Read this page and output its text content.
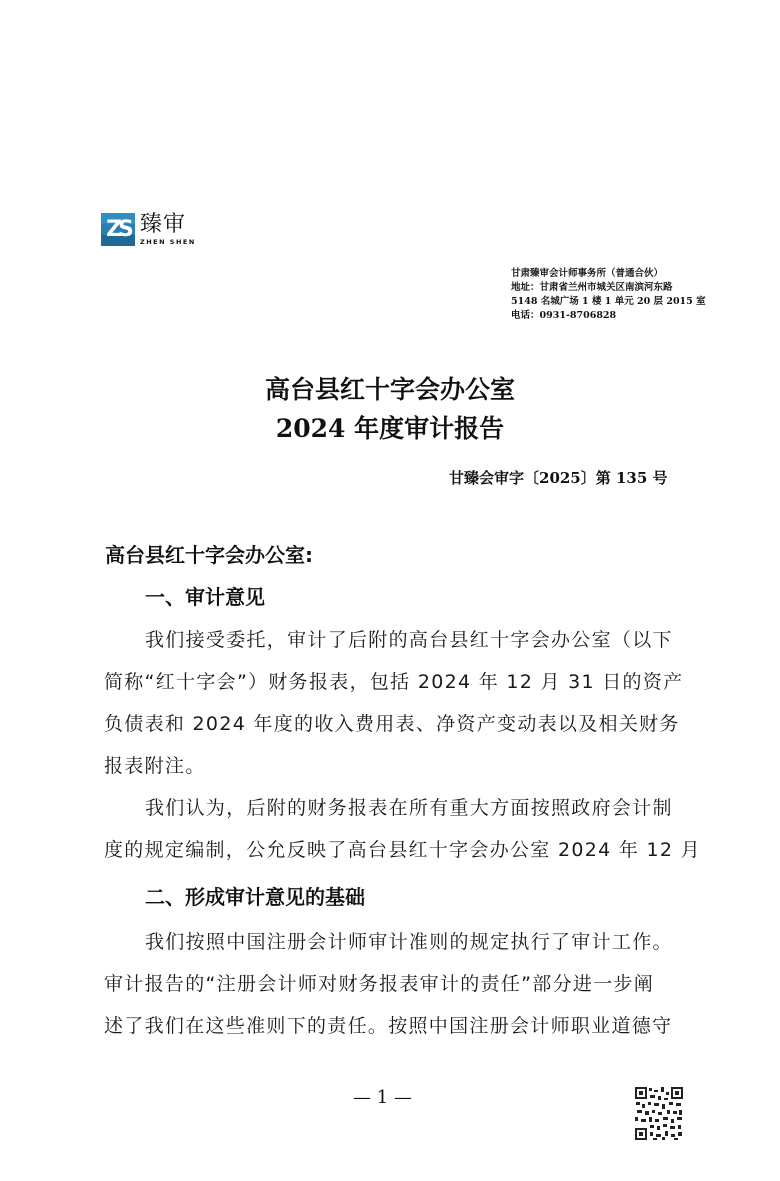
ZS 臻审
ZHEN SHEN
甘肃臻审会计师事务所（普通合伙）
地址：甘肃省兰州市城关区南滨河东路
5148 名城广场 1 楼 1 单元 20 层 2015 室
电话：0931-8706828
高台县红十字会办公室
2024 年度审计报告
甘臻会审字〔2025〕第 135 号
高台县红十字会办公室:
一、审计意见
我们接受委托，审计了后附的高台县红十字会办公室（以下
简称“红十字会”）财务报表，包括 2024 年 12 月 31 日的资产
负债表和 2024 年度的收入费用表、净资产变动表以及相关财务
报表附注。
我们认为，后附的财务报表在所有重大方面按照政府会计制
度的规定编制，公允反映了高台县红十字会办公室 2024 年 12 月
二、形成审计意见的基础
我们按照中国注册会计师审计准则的规定执行了审计工作。
审计报告的“注册会计师对财务报表审计的责任”部分进一步阐
述了我们在这些准则下的责任。按照中国注册会计师职业道德守
— 1 —
